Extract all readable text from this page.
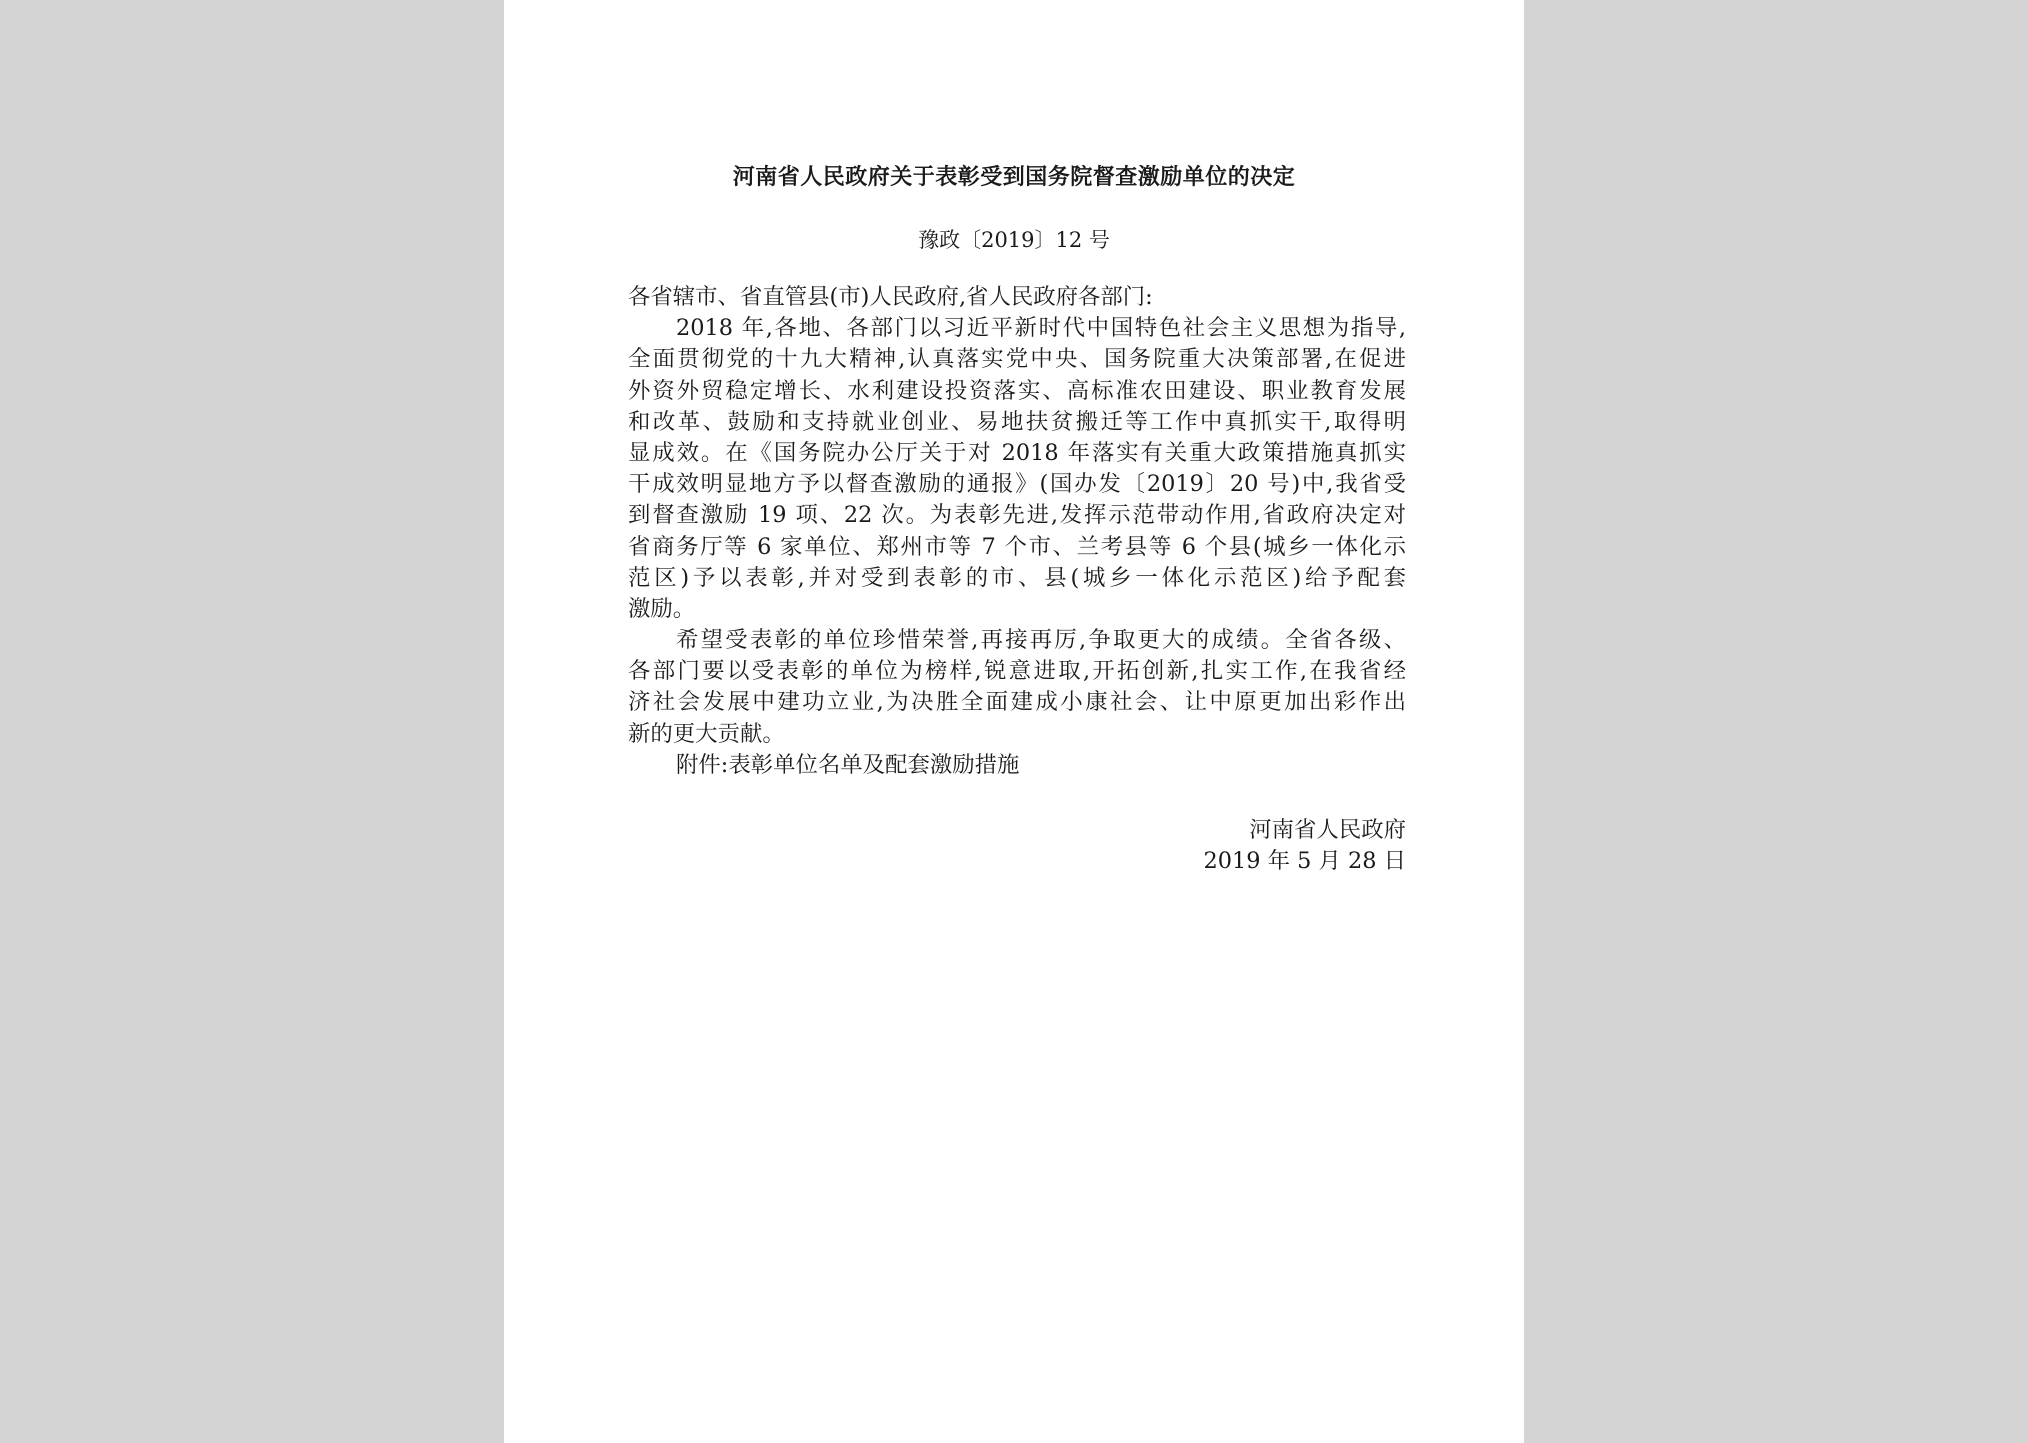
河南省人民政府关于表彰受到国务院督查激励单位的决定
豫政〔2019〕12 号
各省辖市、省直管县(市)人民政府,省人民政府各部门:
2018 年,各地、各部门以习近平新时代中国特色社会主义思想为指导,
全面贯彻党的十九大精神,认真落实党中央、国务院重大决策部署,在促进
外资外贸稳定增长、水利建设投资落实、高标准农田建设、职业教育发展
和改革、鼓励和支持就业创业、易地扶贫搬迁等工作中真抓实干,取得明
显成效。在《国务院办公厅关于对 2018 年落实有关重大政策措施真抓实
干成效明显地方予以督查激励的通报》(国办发〔2019〕20 号)中,我省受
到督查激励 19 项、22 次。为表彰先进,发挥示范带动作用,省政府决定对
省商务厅等 6 家单位、郑州市等 7 个市、兰考县等 6 个县(城乡一体化示
范区)予以表彰,并对受到表彰的市、县(城乡一体化示范区)给予配套
激励。
希望受表彰的单位珍惜荣誉,再接再厉,争取更大的成绩。全省各级、
各部门要以受表彰的单位为榜样,锐意进取,开拓创新,扎实工作,在我省经
济社会发展中建功立业,为决胜全面建成小康社会、让中原更加出彩作出
新的更大贡献。
附件:表彰单位名单及配套激励措施
河南省人民政府
2019 年 5 月 28 日
